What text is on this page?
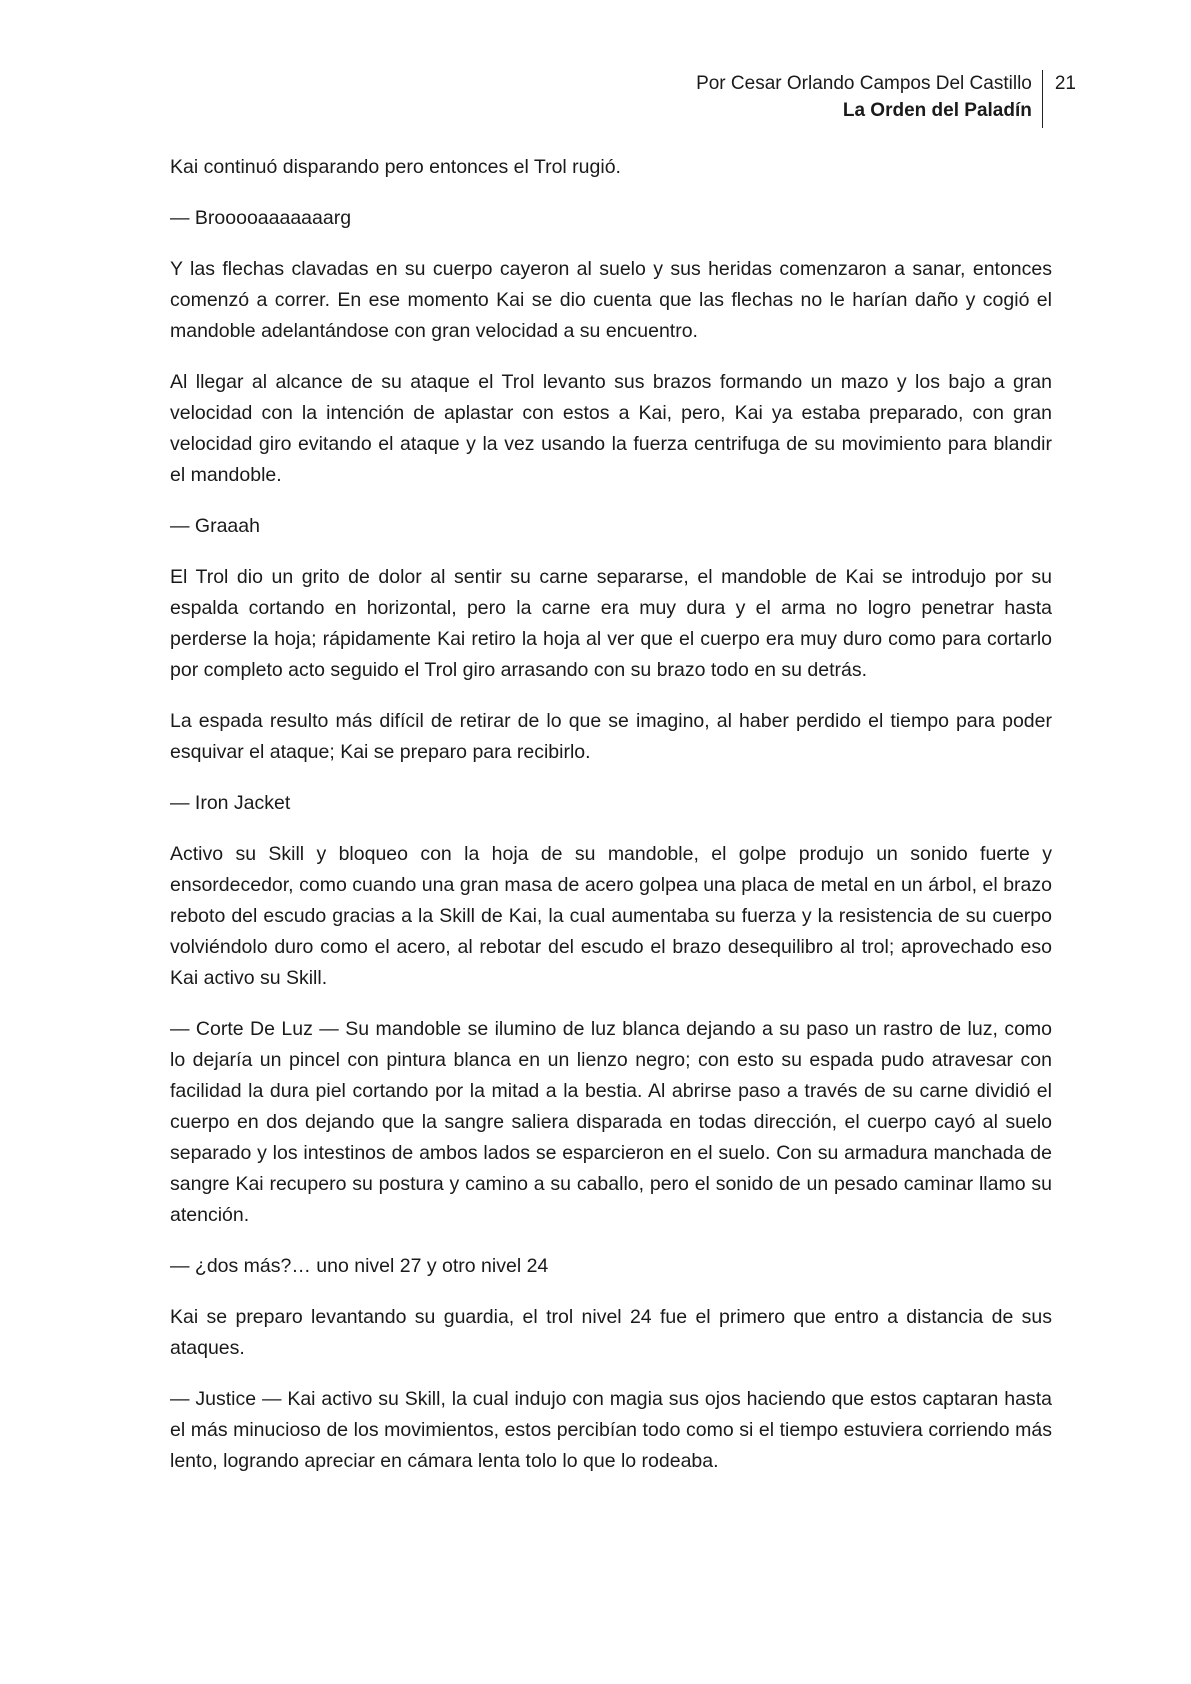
Por Cesar Orlando Campos Del Castillo
La Orden del Paladín
21

Kai continuó disparando pero entonces el Trol rugió.

— Brooooaaaaaaarg

Y las flechas clavadas en su cuerpo cayeron al suelo y sus heridas comenzaron a sanar, entonces comenzó a correr. En ese momento Kai se dio cuenta que las flechas no le harían daño y cogió el mandoble adelantándose con gran velocidad a su encuentro.

Al llegar al alcance de su ataque el Trol levanto sus brazos formando un mazo y los bajo a gran velocidad con la intención de aplastar con estos a Kai, pero, Kai ya estaba preparado, con gran velocidad giro evitando el ataque y la vez usando la fuerza centrifuga de su movimiento para blandir el mandoble.

— Graaah

El Trol dio un grito de dolor al sentir su carne separarse, el mandoble de Kai se introdujo por su espalda cortando en horizontal, pero la carne era muy dura y el arma no logro penetrar hasta perderse la hoja; rápidamente Kai retiro la hoja al ver que el cuerpo era muy duro como para cortarlo por completo acto seguido el Trol giro arrasando con su brazo todo en su detrás.

La espada resulto más difícil de retirar de lo que se imagino, al haber perdido el tiempo para poder esquivar el ataque; Kai se preparo para recibirlo.

— Iron Jacket

Activo su Skill y bloqueo con la hoja de su mandoble, el golpe produjo un sonido fuerte y ensordecedor, como cuando una gran masa de acero golpea una placa de metal en un árbol, el brazo reboto del escudo gracias a la Skill de Kai, la cual aumentaba su fuerza y la resistencia de su cuerpo volviéndolo duro como el acero, al rebotar del escudo el brazo desequilibro al trol; aprovechado eso Kai activo su Skill.

— Corte De Luz — Su mandoble se ilumino de luz blanca dejando a su paso un rastro de luz, como lo dejaría un pincel con pintura blanca en un lienzo negro; con esto su espada pudo atravesar con facilidad la dura piel cortando por la mitad a la bestia. Al abrirse paso a través de su carne dividió el cuerpo en dos dejando que la sangre saliera disparada en todas dirección, el cuerpo cayó al suelo separado y los intestinos de ambos lados se esparcieron en el suelo. Con su armadura manchada de sangre Kai recupero su postura y camino a su caballo, pero el sonido de un pesado caminar llamo su atención.

— ¿dos más?… uno nivel 27 y otro nivel 24

Kai se preparo levantando su guardia, el trol nivel 24 fue el primero que entro a distancia de sus ataques.

— Justice — Kai activo su Skill, la cual indujo con magia sus ojos haciendo que estos captaran hasta el más minucioso de los movimientos, estos percibían todo como si el tiempo estuviera corriendo más lento, logrando apreciar en cámara lenta tolo lo que lo rodeaba.
